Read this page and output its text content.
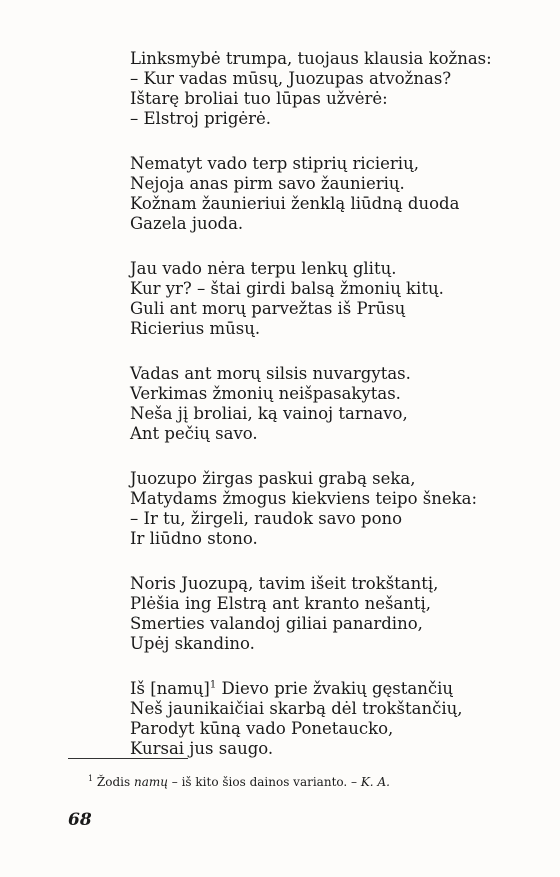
Linksmybė trumpa, tuojaus klausia kožnas:
– Kur vadas mūsų, Juozupas atvožnas?
Ištarę broliai tuo lūpas užvėrė:
– Elstroj prigėrė.
Nematyt vado terp stiprių ricierių,
Nejoja anas pirm savo žaunierių.
Kožnam žaunieriui ženklą liūdną duoda
Gazela juoda.
Jau vado nėra terpu lenkų glitų.
Kur yr? – štai girdi balsą žmonių kitų.
Guli ant morų parvežtas iš Prūsų
Ricierius mūsų.
Vadas ant morų silsis nuvargytas.
Verkimas žmonių neišpasakytas.
Neša jį broliai, ką vainoj tarnavo,
Ant pečių savo.
Juozupo žirgas paskui grabą seka,
Matydams žmogus kiekviens teipo šneka:
– Ir tu, žirgeli, raudok savo pono
Ir liūdno stono.
Noris Juozupą, tavim išeit trokštantį,
Plėšia ing Elstrą ant kranto nešantį,
Smerties valandoj giliai panardino,
Upėj skandino.
Iš [namų]$^1$ Dievo prie žvakių gęstančių
Neš jaunikaičiai skarbą dėl trokštančių,
Parodyt kūną vado Ponetaucko,
Kursai jus saugo.
$^1$ Žodis namų – iš kito šios dainos varianto. – K. A.
68
